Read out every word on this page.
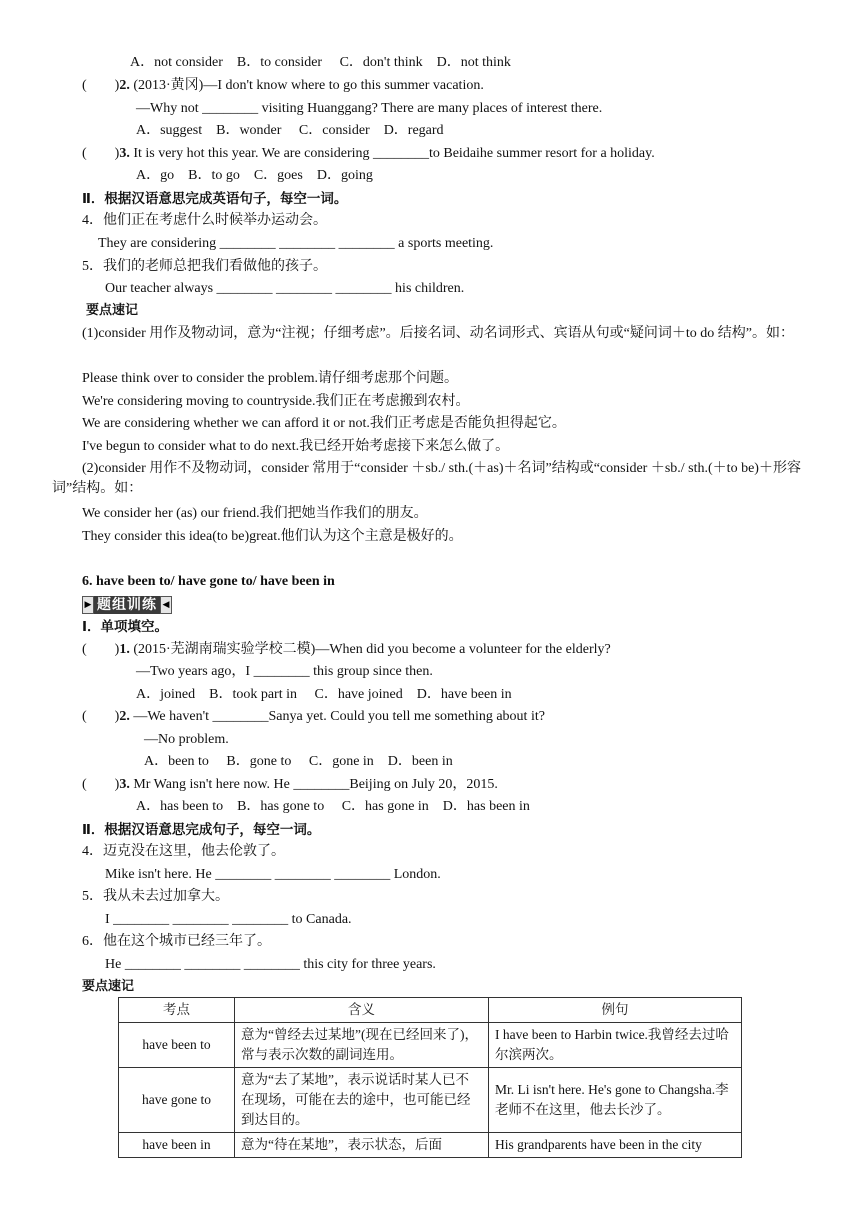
A．not consider　B．to consider　 C．don't think　D．not think
(　　)2. (2013·黄冈)—I don't know where to go this summer vacation.
—Why not ________ visiting Huanggang? There are many places of interest there.
A．suggest　B．wonder　 C．consider　D．regard
(　　)3. It is very hot this year. We are considering ________to Beidaihe summer resort for a holiday.
A．go　B．to go　C．goes　D．going
Ⅱ．根据汉语意思完成英语句子，每空一词。
4．他们正在考虑什么时候举办运动会。
They are considering ________ ________ ________ a sports meeting.
5．我们的老师总把我们看做他的孩子。
Our teacher always ________ ________ ________ his children.
要点速记
(1)consider 用作及物动词，意为“注视；仔细考虑”。后接名词、动名词形式、宾语从句或“疑问词＋to do 结构”。如：
Please think over to consider the problem.请仔细考虑那个问题。
We're considering moving to countryside.我们正在考虑搬到农村。
We are considering whether we can afford it or not.我们正考虑是否能负担得起它。
I've begun to consider what to do next.我已经开始考虑接下来怎么做了。
(2)consider 用作不及物动词，consider 常用于“consider ＋sb./ sth.(＋as)＋名词”结构或“consider ＋sb./ sth.(＋to be)＋形容词”结构。如：
We consider her (as) our friend.我们把她当作我们的朋友。
They consider this idea(to be)great.他们认为这个主意是极好的。
6. have been to/ have gone to/ have been in
▶ 题组训练 ◀
Ⅰ．单项填空。
(　　)1. (2015·芜湖南瑞实验学校二模)—When did you become a volunteer for the elderly?
—Two years ago，I ________ this group since then.
A．joined　B．took part in　 C．have joined　D．have been in
(　　)2. —We haven't ________Sanya yet. Could you tell me something about it?
—No problem.
A．been to　 B．gone to　 C．gone in　D．been in
(　　)3. Mr Wang isn't here now. He ________Beijing on July 20，2015.
A．has been to　B．has gone to　 C．has gone in　D．has been in
Ⅱ．根据汉语意思完成句子，每空一词。
4．迈克没在这里，他去伦敦了。
Mike isn't here. He ________ ________ ________ London.
5．我从未去过加拿大。
I ________ ________ ________ to Canada.
6．他在这个城市已经三年了。
He ________ ________ ________ this city for three years.
要点速记
考点	含义	例句
have been to	意为“曾经去过某地”(现在已经回来了)，常与表示次数的副词连用。	I have been to Harbin twice.我曾经去过哈尔滨两次。
have gone to	意为“去了某地”，表示说话时某人已不在现场，可能在去的途中，也可能已经到达目的。	Mr. Li isn't here. He's gone to Changsha.李老师不在这里，他去长沙了。
have been in	意为“待在某地”，表示状态，后面	His grandparents have been in the city
